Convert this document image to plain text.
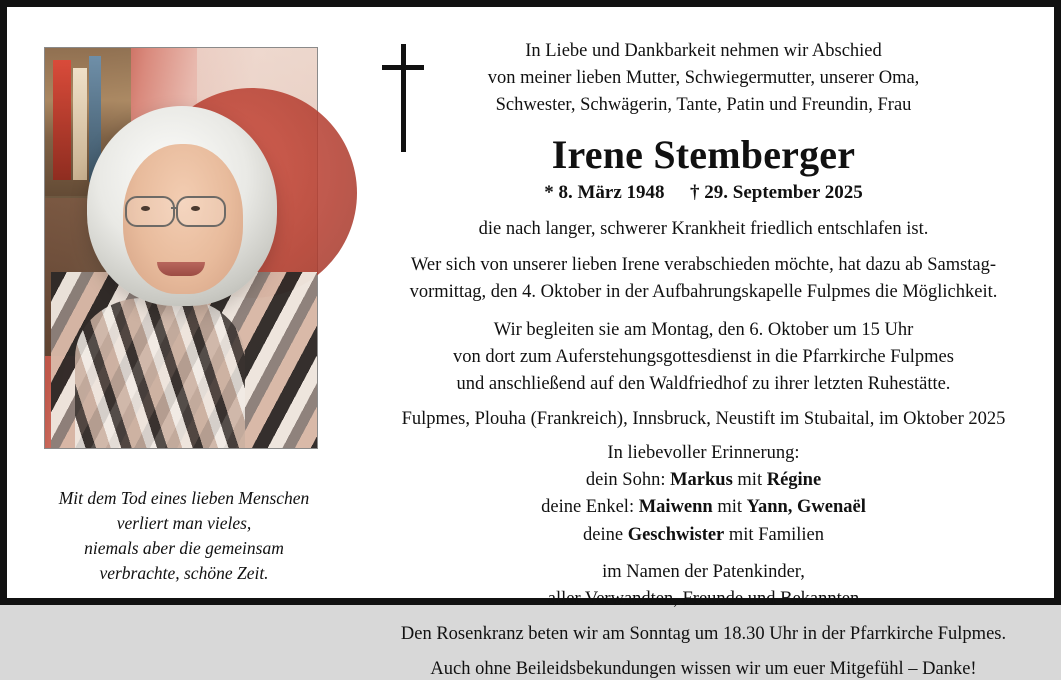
Mit dem Tod eines lieben Menschen
verliert man vieles,
niemals aber die gemeinsam
verbrachte, schöne Zeit.
In Liebe und Dankbarkeit nehmen wir Abschied
von meiner lieben Mutter, Schwiegermutter, unserer Oma,
Schwester, Schwägerin, Tante, Patin und Freundin, Frau
Irene Stemberger
* 8. März 1948 † 29. September 2025
die nach langer, schwerer Krankheit friedlich entschlafen ist.
Wer sich von unserer lieben Irene verabschieden möchte, hat dazu ab Samstag-
vormittag, den 4. Oktober in der Aufbahrungskapelle Fulpmes die Möglichkeit.
Wir begleiten sie am Montag, den 6. Oktober um 15 Uhr
von dort zum Auferstehungsgottesdienst in die Pfarrkirche Fulpmes
und anschließend auf den Waldfriedhof zu ihrer letzten Ruhestätte.
Fulpmes, Plouha (Frankreich), Innsbruck, Neustift im Stubaital, im Oktober 2025
In liebevoller Erinnerung:
dein Sohn: Markus mit Régine
deine Enkel: Maiwenn mit Yann, Gwenaël
deine Geschwister mit Familien
im Namen der Patenkinder,
aller Verwandten, Freunde und Bekannten
Den Rosenkranz beten wir am Sonntag um 18.30 Uhr in der Pfarrkirche Fulpmes.
Auch ohne Beileidsbekundungen wissen wir um euer Mitgefühl – Danke!
